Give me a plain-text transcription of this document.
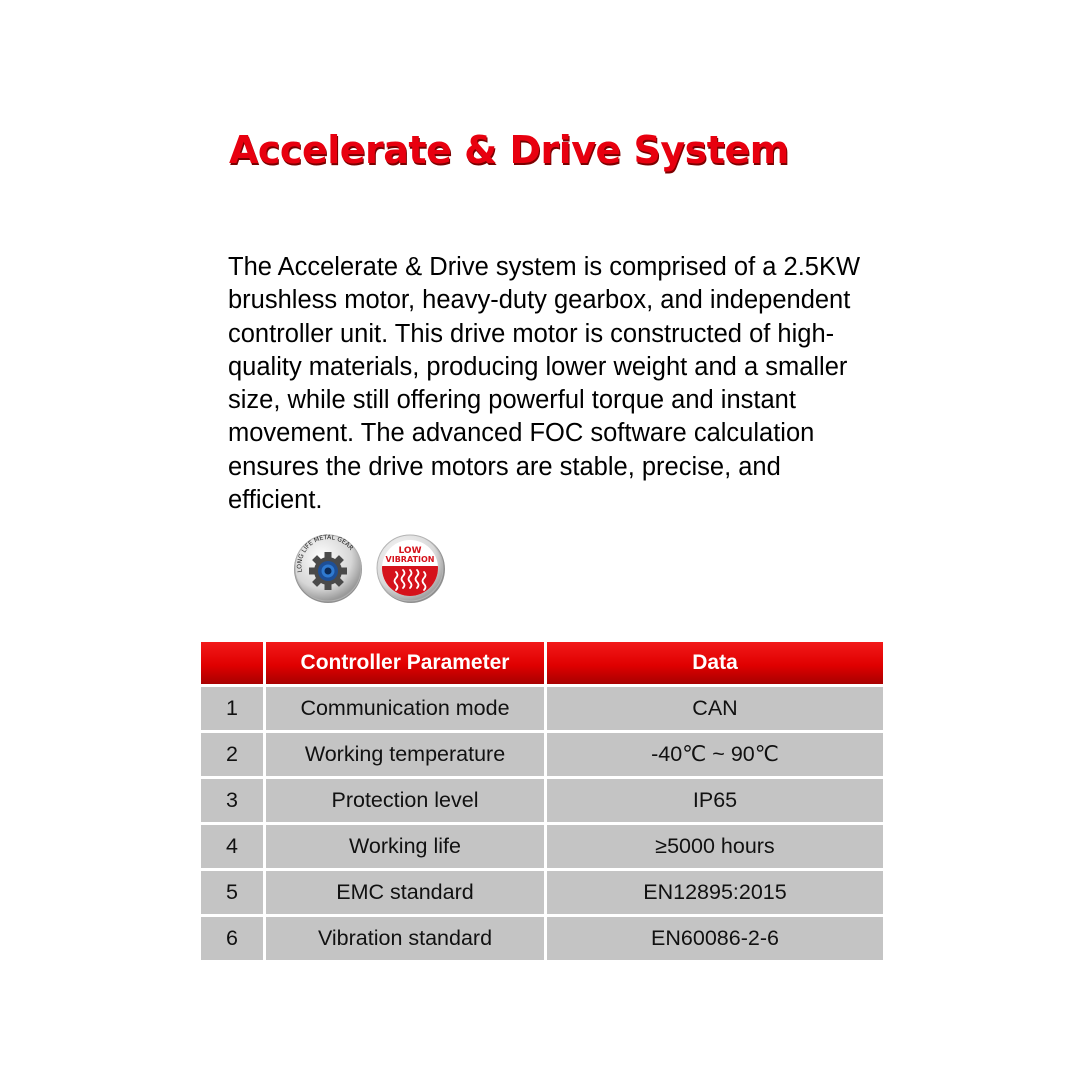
Accelerate & Drive System

The Accelerate & Drive system is comprised of a 2.5KW brushless motor, heavy-duty gearbox, and independent controller unit. This drive motor is constructed of high-quality materials, producing lower weight and a smaller size, while still offering powerful torque and instant movement. The advanced FOC software calculation ensures the drive motors are stable, precise, and efficient.

LONG LIFE METAL GEAR	LOW
VIBRATION
	Controller Parameter	Data
1	Communication mode	CAN
2	Working temperature	-40℃ ~ 90℃
3	Protection level	IP65
4	Working life	≥5000 hours
5	EMC standard	EN12895:2015
6	Vibration standard	EN60086-2-6
